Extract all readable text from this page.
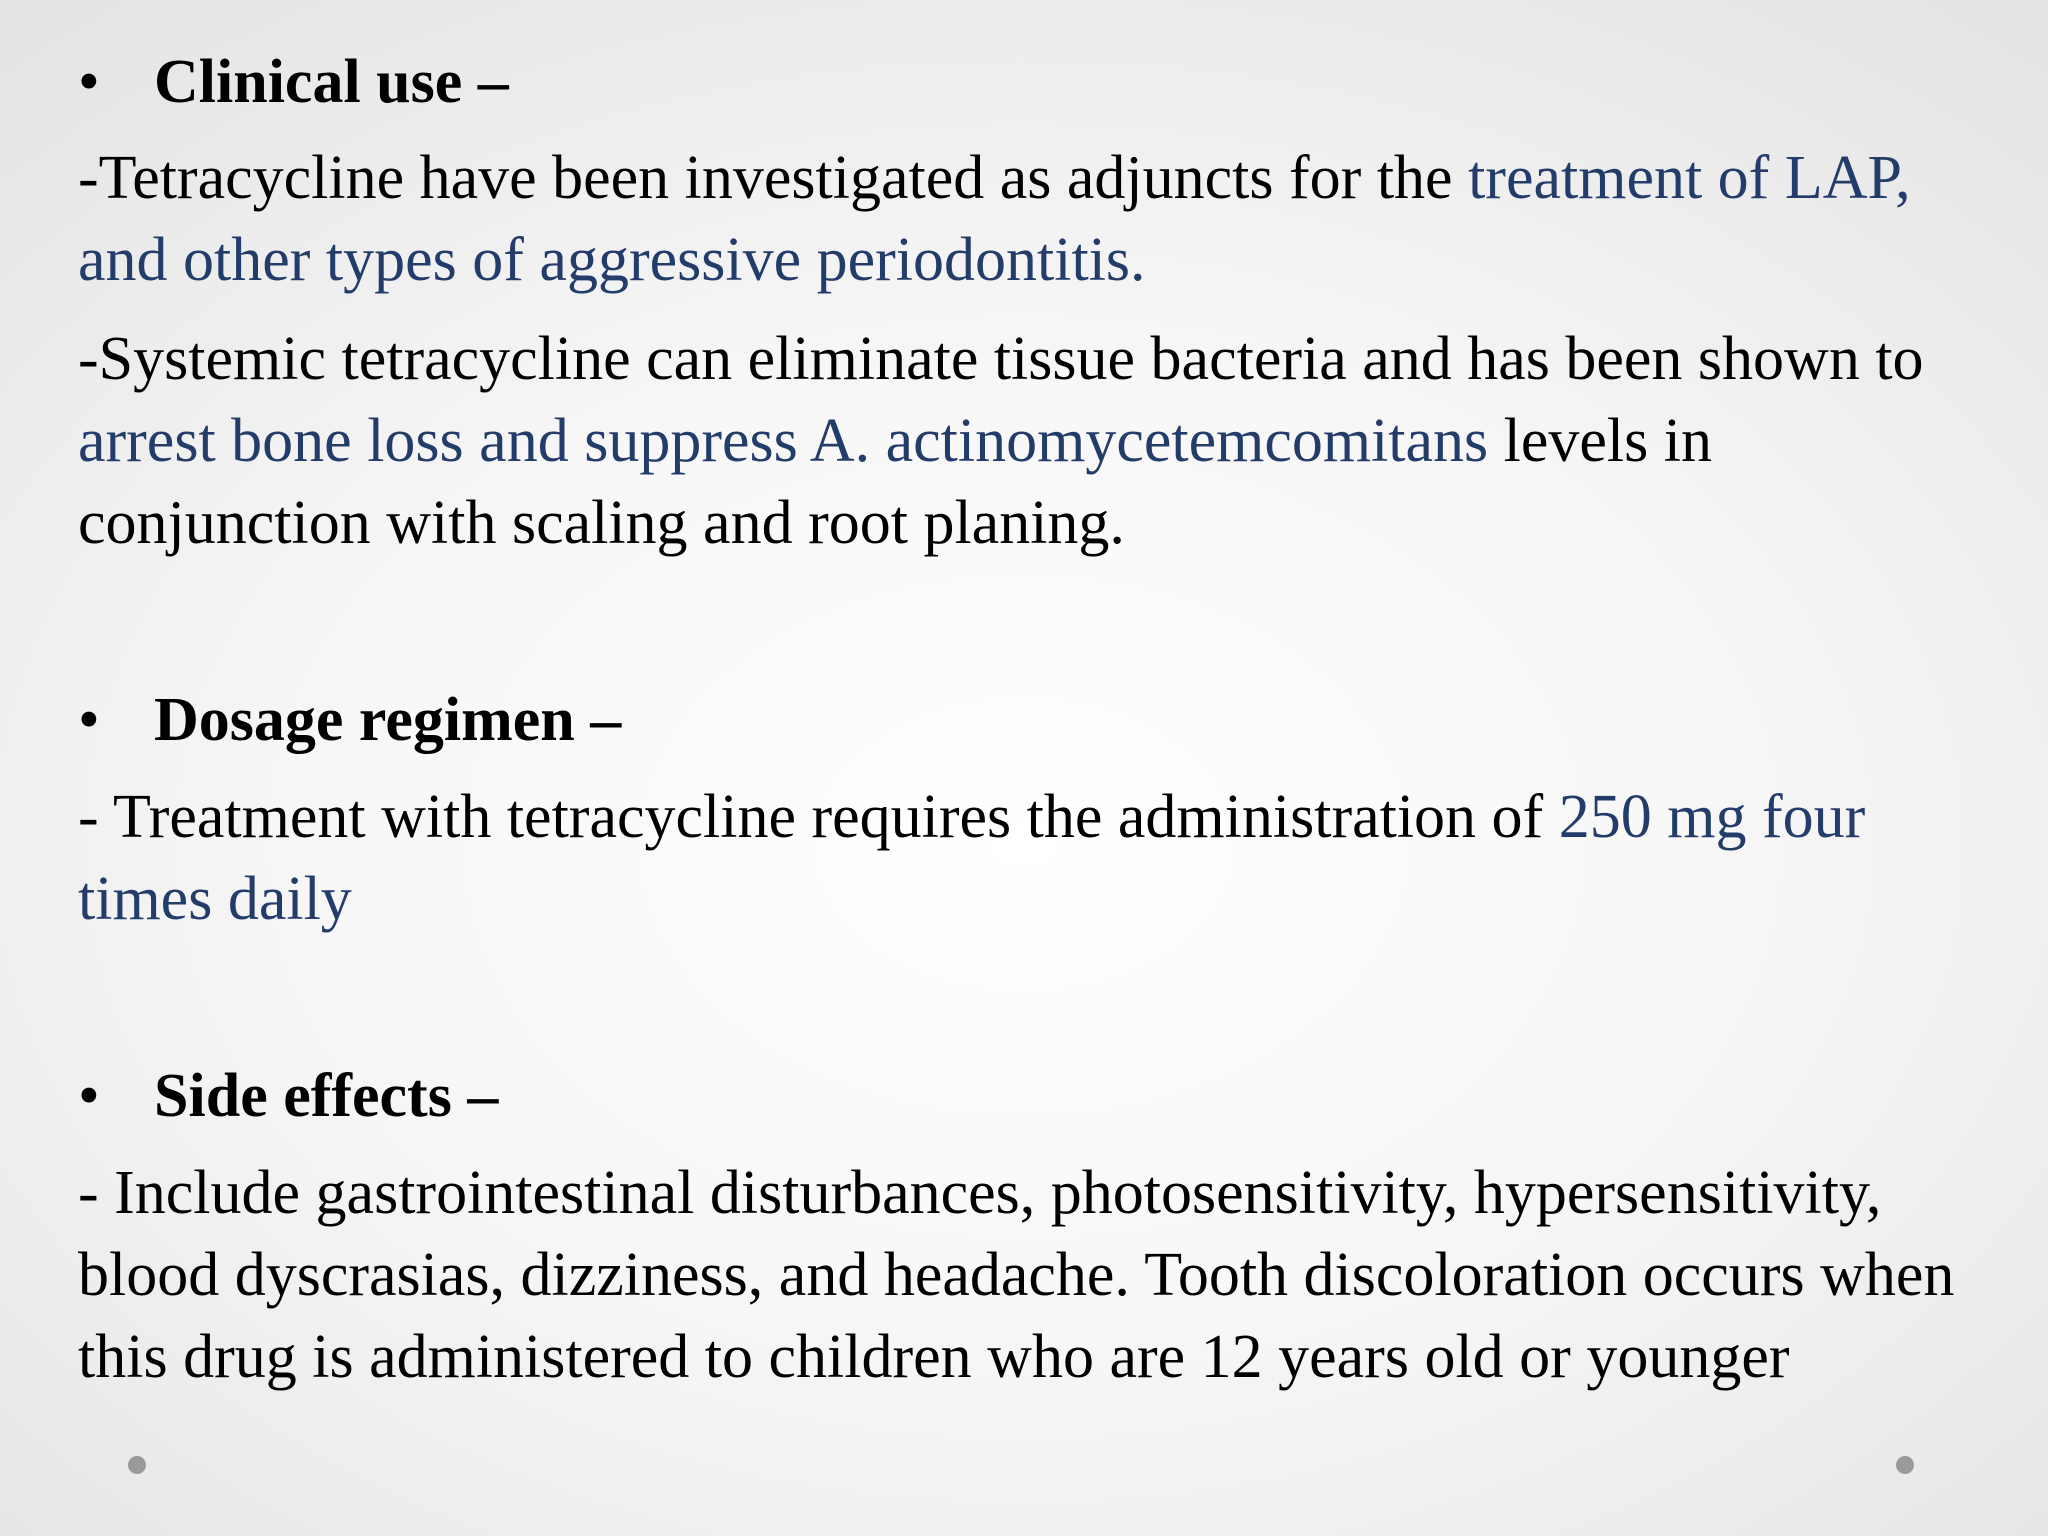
• Clinical use –
-Tetracycline have been investigated as adjuncts for the treatment of LAP, and other types of aggressive periodontitis.
-Systemic tetracycline can eliminate tissue bacteria and has been shown to arrest bone loss and suppress A. actinomycetemcomitans levels in conjunction with scaling and root planing.
• Dosage regimen –
- Treatment with tetracycline requires the administration of 250 mg four times daily
• Side effects –
- Include gastrointestinal disturbances, photosensitivity, hypersensitivity, blood dyscrasias, dizziness, and headache. Tooth discoloration occurs when this drug is administered to children who are 12 years old or younger
